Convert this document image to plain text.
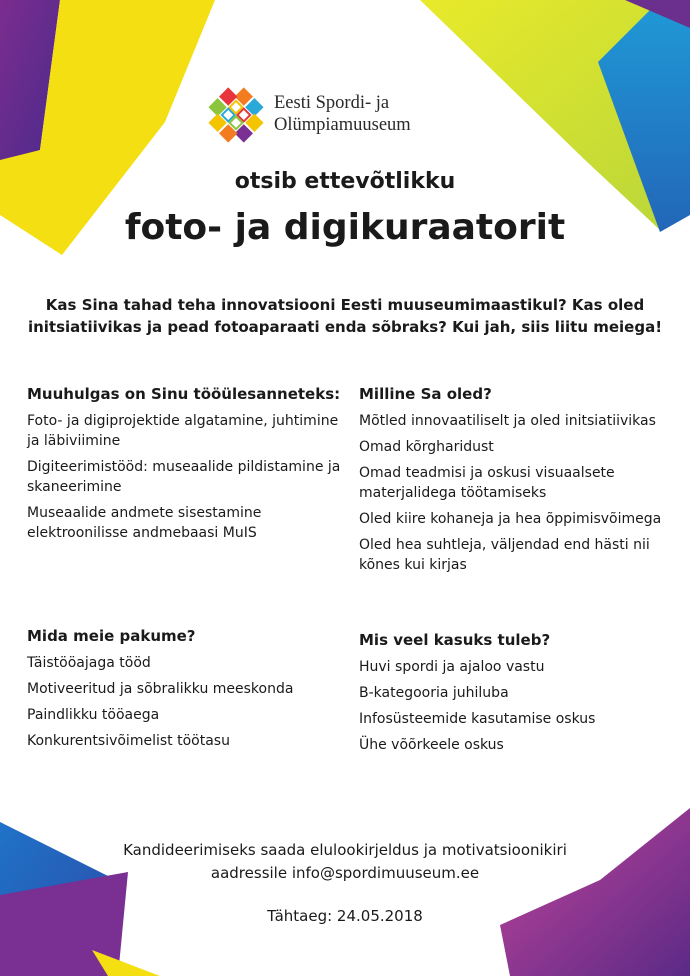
Eesti Spordi- ja
Olümpiamuuseum
otsib ettevõtlikku
foto- ja digikuraatorit
Kas Sina tahad teha innovatsiooni Eesti muuseumimaastikul? Kas oled initsiatiivikas ja pead fotoaparaati enda sõbraks? Kui jah, siis liitu meiega!
Muuhulgas on Sinu tööülesanneteks:
Foto- ja digiprojektide algatamine, juhtimine ja läbiviimine
Digiteerimistööd: museaalide pildistamine ja skaneerimine
Museaalide andmete sisestamine elektroonilisse andmebaasi MuIS
Milline Sa oled?
Mõtled innovaatiliselt ja oled initsiatiivikas
Omad kõrgharidust
Omad teadmisi ja oskusi visuaalsete materjalidega töötamiseks
Oled kiire kohaneja ja hea õppimisvõimega
Oled hea suhtleja, väljendad end hästi nii kõnes kui kirjas
Mida meie pakume?
Täistööajaga tööd
Motiveeritud ja sõbralikku meeskonda
Paindlikku tööaega
Konkurentsivõimelist töötasu
Mis veel kasuks tuleb?
Huvi spordi ja ajaloo vastu
B-kategooria juhiluba
Infosüsteemide kasutamise oskus
Ühe võõrkeele oskus
Kandideerimiseks saada elulookirjeldus ja motivatsioonikiri
aadressile info@spordimuuseum.ee
Tähtaeg: 24.05.2018
